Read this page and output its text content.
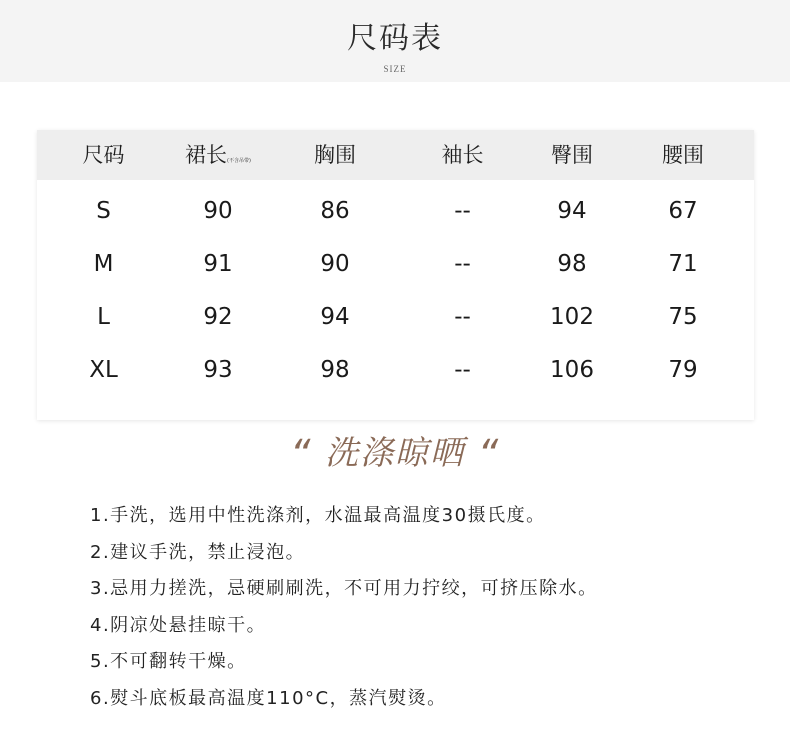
尺码表
SIZE
尺码	裙长(不含吊带)	胸围	袖长	臀围	腰围
S	90	86	--	94	67
M	91	90	--	98	71
L	92	94	--	102	75
XL	93	98	--	106	79
“ 洗涤晾晒 “
1.手洗，选用中性洗涤剂，水温最高温度30摄氏度。
2.建议手洗，禁止浸泡。
3.忌用力搓洗，忌硬刷刷洗，不可用力拧绞，可挤压除水。
4.阴凉处悬挂晾干。
5.不可翻转干燥。
6.熨斗底板最高温度110°C，蒸汽熨烫。
